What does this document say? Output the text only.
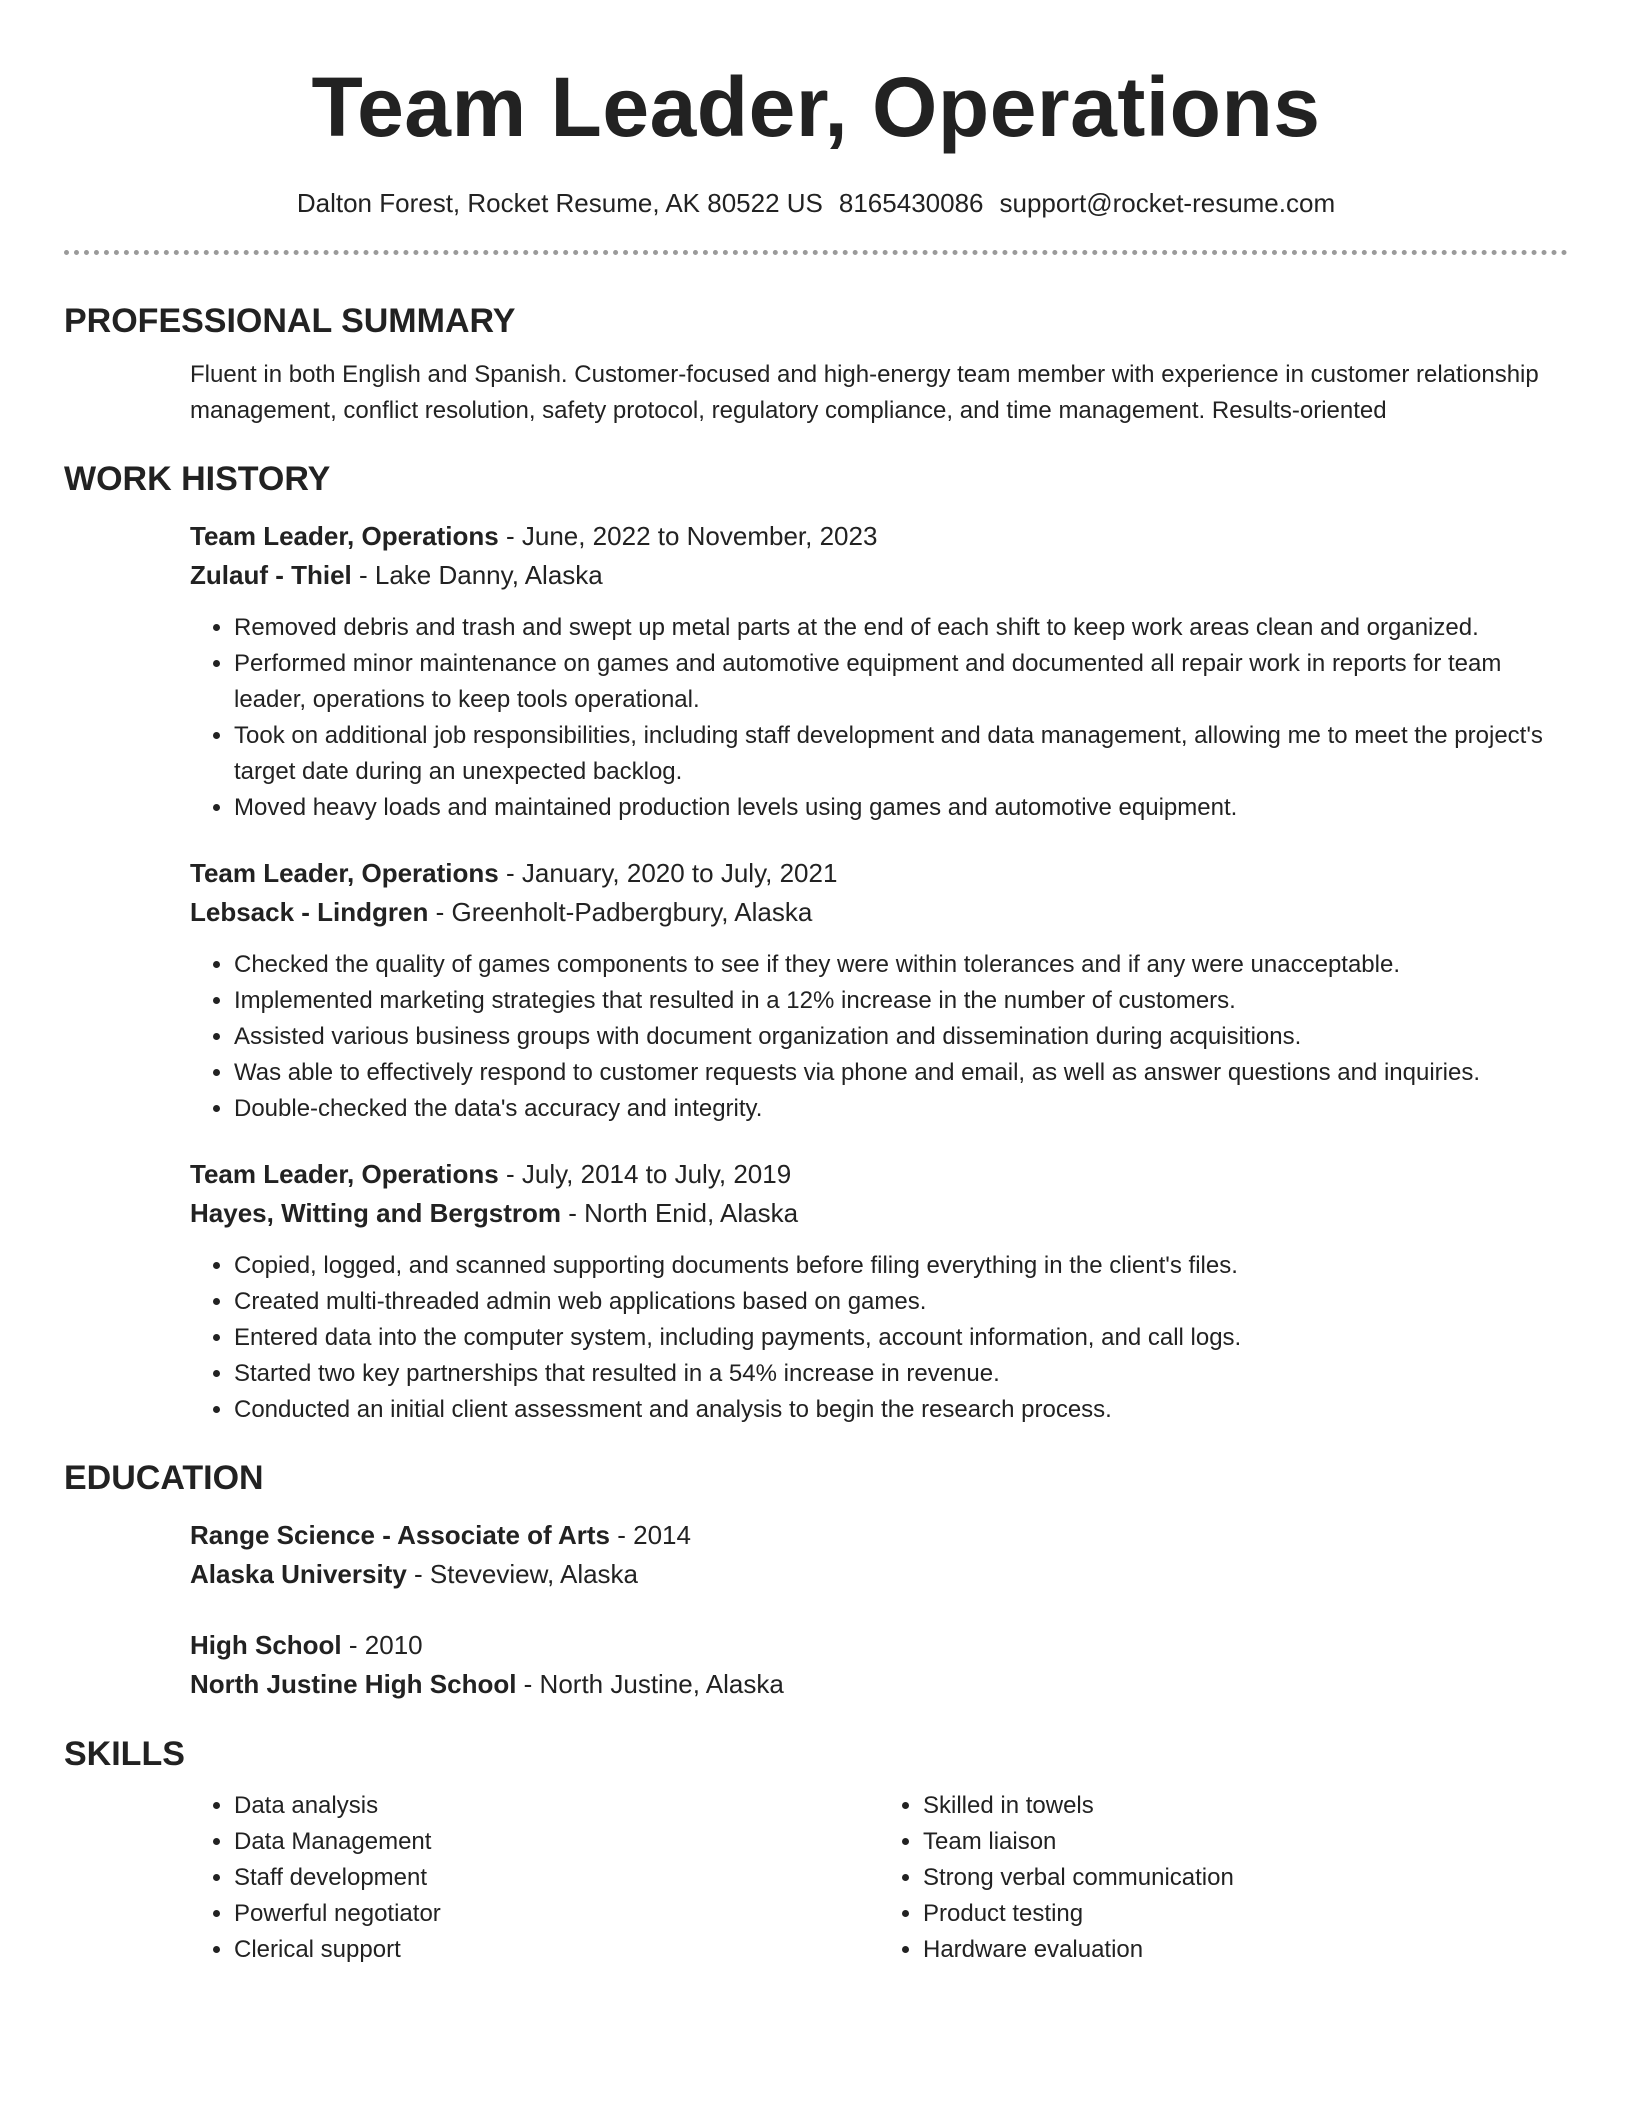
Team Leader, Operations
Dalton Forest, Rocket Resume, AK 80522 US 8165430086 support@rocket-resume.com
PROFESSIONAL SUMMARY

Fluent in both English and Spanish. Customer-focused and high-energy team member with experience in customer relationship management, conflict resolution, safety protocol, regulatory compliance, and time management. Results-oriented

WORK HISTORY
Team Leader, Operations - June, 2022 to November, 2023
Zulauf - Thiel - Lake Danny, Alaska
• Removed debris and trash and swept up metal parts at the end of each shift to keep work areas clean and organized.
• Performed minor maintenance on games and automotive equipment and documented all repair work in reports for team leader, operations to keep tools operational.
• Took on additional job responsibilities, including staff development and data management, allowing me to meet the project's target date during an unexpected backlog.
• Moved heavy loads and maintained production levels using games and automotive equipment.
Team Leader, Operations - January, 2020 to July, 2021
Lebsack - Lindgren - Greenholt-Padbergbury, Alaska
• Checked the quality of games components to see if they were within tolerances and if any were unacceptable.
• Implemented marketing strategies that resulted in a 12% increase in the number of customers.
• Assisted various business groups with document organization and dissemination during acquisitions.
• Was able to effectively respond to customer requests via phone and email, as well as answer questions and inquiries.
• Double-checked the data's accuracy and integrity.
Team Leader, Operations - July, 2014 to July, 2019
Hayes, Witting and Bergstrom - North Enid, Alaska
• Copied, logged, and scanned supporting documents before filing everything in the client's files.
• Created multi-threaded admin web applications based on games.
• Entered data into the computer system, including payments, account information, and call logs.
• Started two key partnerships that resulted in a 54% increase in revenue.
• Conducted an initial client assessment and analysis to begin the research process.
EDUCATION
Range Science - Associate of Arts - 2014
Alaska University - Steveview, Alaska
High School - 2010
North Justine High School - North Justine, Alaska
SKILLS
• Data analysis
• Data Management
• Staff development
• Powerful negotiator
• Clerical support
• Skilled in towels
• Team liaison
• Strong verbal communication
• Product testing
• Hardware evaluation
